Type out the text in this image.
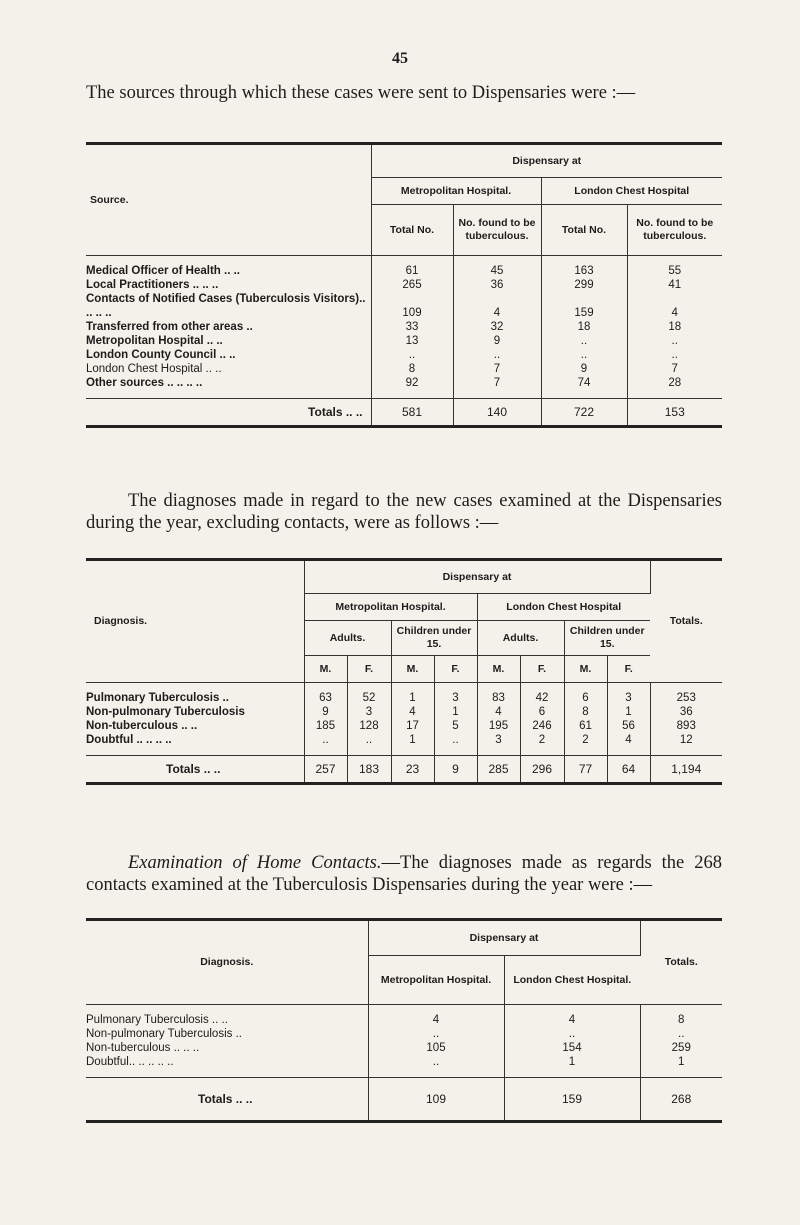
45
The sources through which these cases were sent to Dispensaries were :—
Source.	Dispensary at			
	Metropolitan Hospital.		London Chest Hospital	
	Total No.	No. found to be tuberculous.	Total No.	No. found to be tuberculous.
Medical Officer of Health .. ..	61	45	163	55
Local Practitioners .. .. ..	265	36	299	41
Contacts of Notified Cases (Tuberculosis Visitors).. .. .. ..	109	4	159	4
Transferred from other areas ..	33	32	18	18
Metropolitan Hospital .. ..	13	9	..	..
London County Council .. ..	..	..	..	..
London Chest Hospital .. ..	8	7	9	7
Other sources .. .. .. ..	92	7	74	28

Totals .. ..	581	140	722	153
The diagnoses made in regard to the new cases examined at the Dispensaries during the year, excluding contacts, were as follows :—
Diagnosis.	Dispensary at								Totals.
	Metropolitan Hospital.				London Chest Hospital				
	Adults.		Children under 15.		Adults.		Children under 15.		
	M.	F.	M.	F.	M.	F.	M.	F.	
Pulmonary Tuberculosis ..	63	52	1	3	83	42	6	3	253
Non-pulmonary Tuberculosis	9	3	4	1	4	6	8	1	36
Non-tuberculous .. ..	185	128	17	5	195	246	61	56	893
Doubtful .. .. .. ..	..	..	1	..	3	2	2	4	12

Totals .. ..	257	183	23	9	285	296	77	64	1,194
Examination of Home Contacts.—The diagnoses made as regards the 268 contacts examined at the Tuberculosis Dispensaries during the year were :—
Diagnosis.	Dispensary at		Totals.
	Metropolitan Hospital.	London Chest Hospital.	
Pulmonary Tuberculosis .. ..	4	4	8
Non-pulmonary Tuberculosis ..	..	..	..
Non-tuberculous .. .. ..	105	154	259
Doubtful.. .. .. .. ..	..	1	1

Totals .. ..	109	159	268
